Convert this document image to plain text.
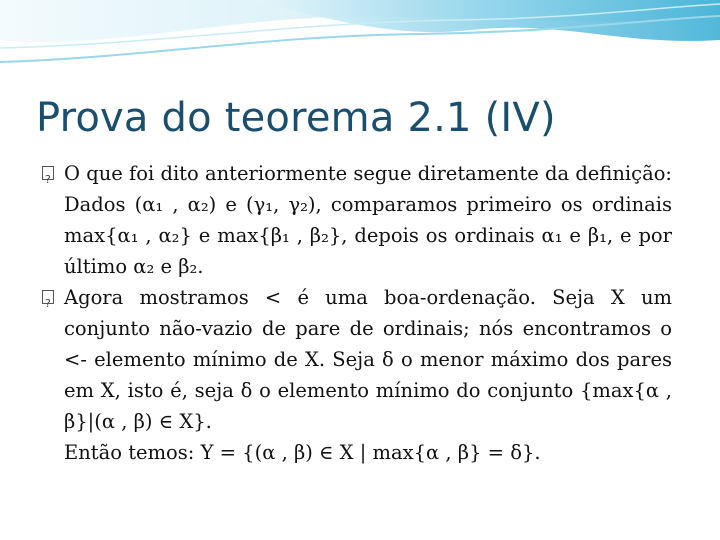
Prova do teorema 2.1 (IV)
?
O que foi dito anteriormente segue diretamente da definição: Dados (α₁ , α₂) e (γ₁, γ₂), comparamos primeiro os ordinais max{α₁ , α₂} e max{β₁ , β₂}, depois os ordinais α₁ e β₁, e por último α₂ e β₂.
?
Agora mostramos < é uma boa-ordenação. Seja X um conjunto não-vazio de pare de ordinais; nós encontramos o <- elemento mínimo de X. Seja δ o menor máximo dos pares em X, isto é, seja δ o elemento mínimo do conjunto {max{α , β}|(α , β) ∈ X}.
Então temos: Y = {(α , β) ∈ X | max{α , β} = δ}.
